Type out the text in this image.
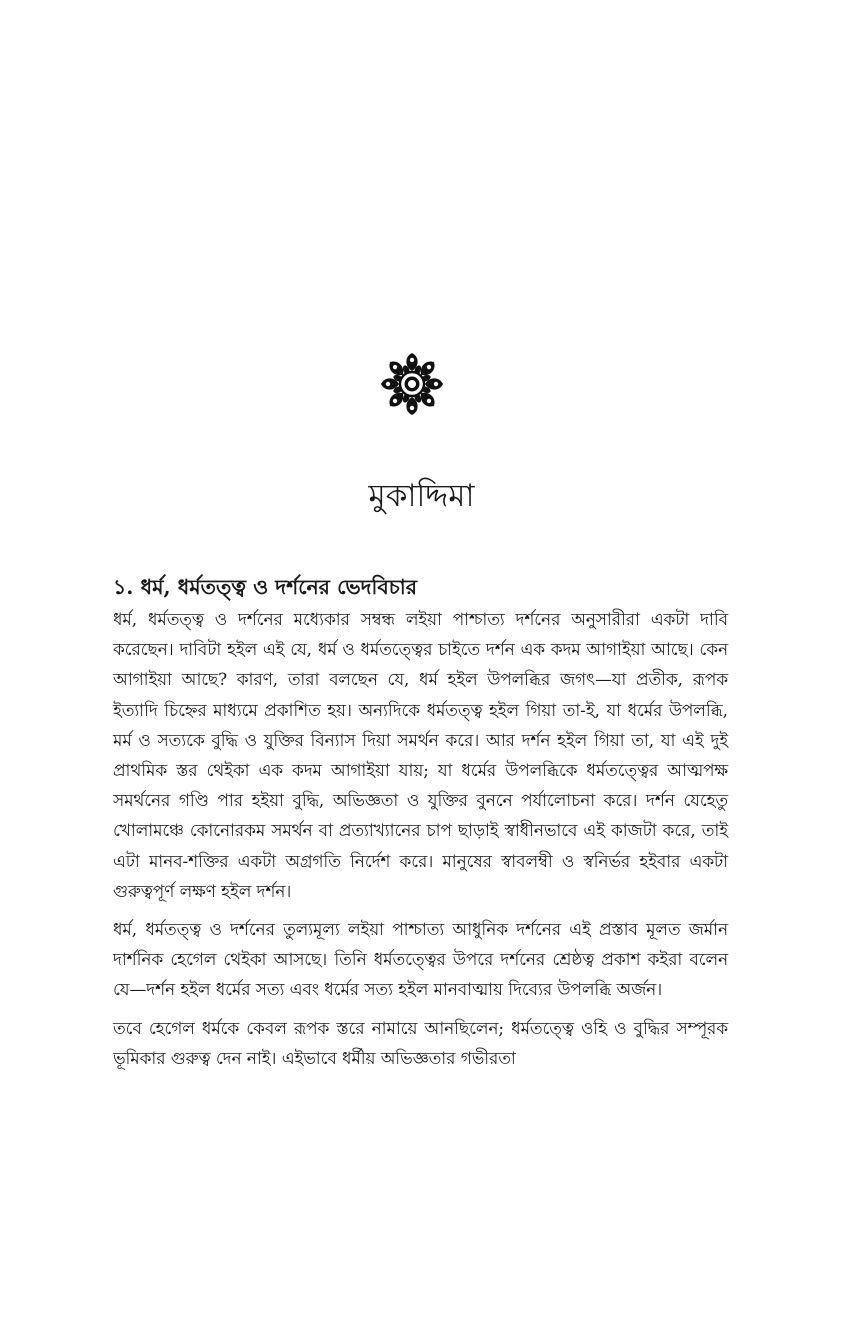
মুকাদ্দিমা
১. ধর্ম, ধর্মতত্ত্ব ও দর্শনের ভেদবিচার

ধর্ম, ধর্মতত্ত্ব ও দর্শনের মধ্যেকার সম্বন্ধ লইয়া পাশ্চাত্য দর্শনের অনুসারীরা একটা দাবি করেছেন। দাবিটা হইল এই যে, ধর্ম ও ধর্মতত্ত্বের চাইতে দর্শন এক কদম আগাইয়া আছে। কেন আগাইয়া আছে? কারণ, তারা বলছেন যে, ধর্ম হইল উপলব্ধির জগৎ—যা প্রতীক, রূপক ইত্যাদি চিহ্নের মাধ্যমে প্রকাশিত হয়। অন্যদিকে ধর্মতত্ত্ব হইল গিয়া তা-ই, যা ধর্মের উপলব্ধি, মর্ম ও সত্যকে বুদ্ধি ও যুক্তির বিন্যাস দিয়া সমর্থন করে। আর দর্শন হইল গিয়া তা, যা এই দুই প্রাথমিক স্তর থেইকা এক কদম আগাইয়া যায়; যা ধর্মের উপলব্ধিকে ধর্মতত্ত্বের আত্মপক্ষ সমর্থনের গণ্ডি পার হইয়া বুদ্ধি, অভিজ্ঞতা ও যুক্তির বুননে পর্যালোচনা করে। দর্শন যেহেতু খোলামঞ্চে কোনোরকম সমর্থন বা প্রত্যাখ্যানের চাপ ছাড়াই স্বাধীনভাবে এই কাজটা করে, তাই এটা মানব-শক্তির একটা অগ্রগতি নির্দেশ করে। মানুষের স্বাবলম্বী ও স্বনির্ভর হইবার একটা গুরুত্বপূর্ণ লক্ষণ হইল দর্শন।

ধর্ম, ধর্মতত্ত্ব ও দর্শনের তুল্যমূল্য লইয়া পাশ্চাত্য আধুনিক দর্শনের এই প্রস্তাব মূলত জর্মান দার্শনিক হেগেল থেইকা আসছে। তিনি ধর্মতত্ত্বের উপরে দর্শনের শ্রেষ্ঠত্ব প্রকাশ কইরা বলেন যে—দর্শন হইল ধর্মের সত্য এবং ধর্মের সত্য হইল মানবাত্মায় দিব্যের উপলব্ধি অর্জন।

তবে হেগেল ধর্মকে কেবল রূপক স্তরে নামায়ে আনছিলেন; ধর্মতত্ত্বে ওহি ও বুদ্ধির সম্পূরক ভূমিকার গুরুত্ব দেন নাই। এইভাবে ধর্মীয় অভিজ্ঞতার গভীরতা
